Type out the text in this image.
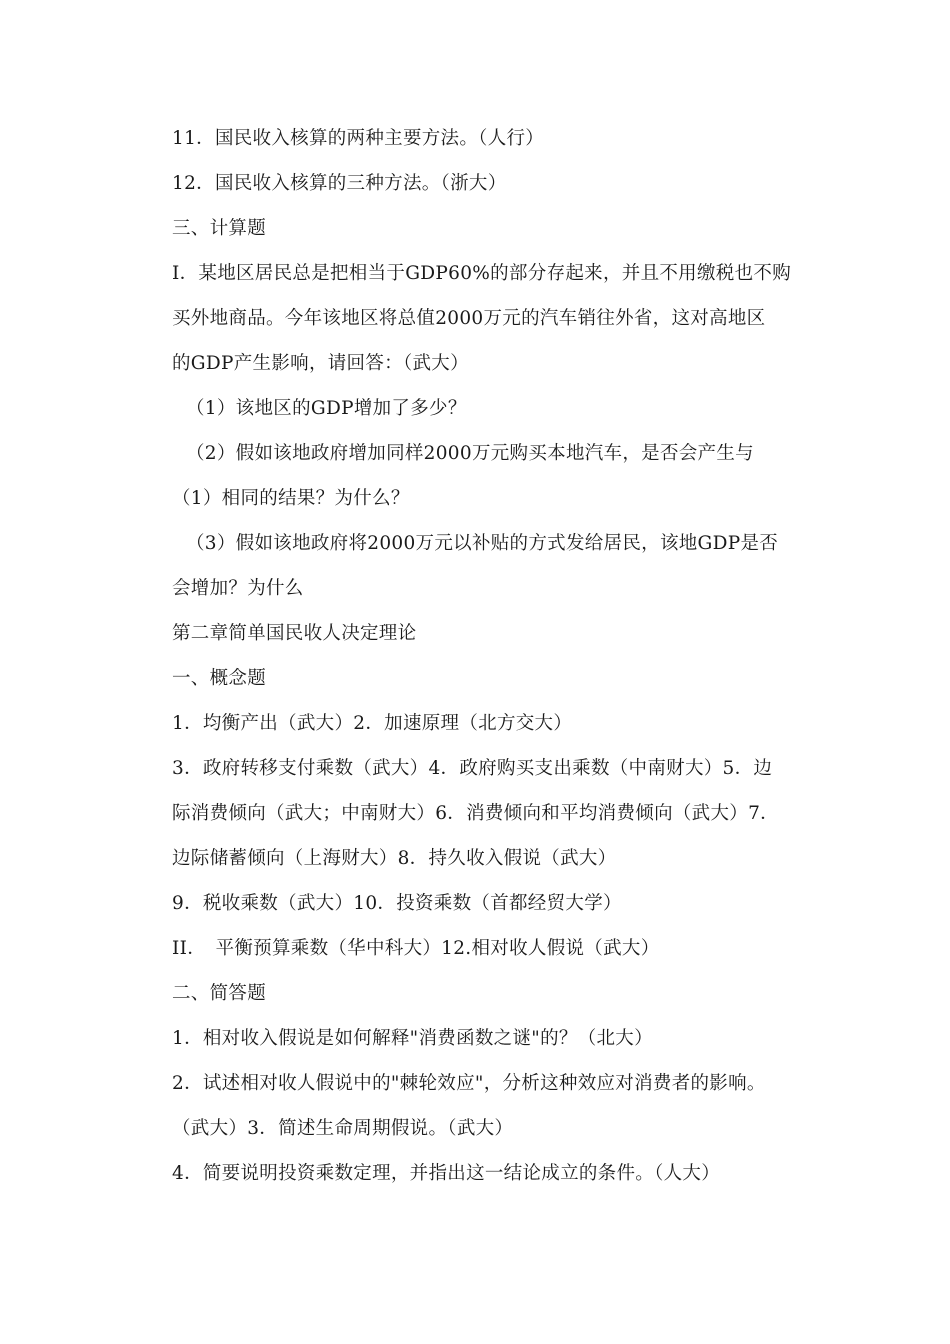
11．国民收入核算的两种主要方法。（人行）
12．国民收入核算的三种方法。（浙大）
三、计算题
I．某地区居民总是把相当于GDP60%的部分存起来，并且不用缴税也不购
买外地商品。今年该地区将总值2000万元的汽车销往外省，这对高地区
的GDP产生影响，请回答：（武大）
（1）该地区的GDP增加了多少？
（2）假如该地政府增加同样2000万元购买本地汽车，是否会产生与
（1）相同的结果？为什么？
（3）假如该地政府将2000万元以补贴的方式发给居民，该地GDP是否
会增加？为什么
第二章简单国民收人决定理论
一、概念题
1．均衡产出（武大）2．加速原理（北方交大）
3．政府转移支付乘数（武大）4．政府购买支出乘数（中南财大）5．边
际消费倾向（武大；中南财大）6．消费倾向和平均消费倾向（武大）7．
边际储蓄倾向（上海财大）8．持久收入假说（武大）
9．税收乘数（武大）10．投资乘数（首都经贸大学）
II．　平衡预算乘数（华中科大）12.相对收人假说（武大）
二、简答题
1．相对收入假说是如何解释"消费函数之谜"的？（北大）
2．试述相对收人假说中的"棘轮效应"，分析这种效应对消费者的影响。
（武大）3．简述生命周期假说。（武大）
4．简要说明投资乘数定理，并指出这一结论成立的条件。（人大）
